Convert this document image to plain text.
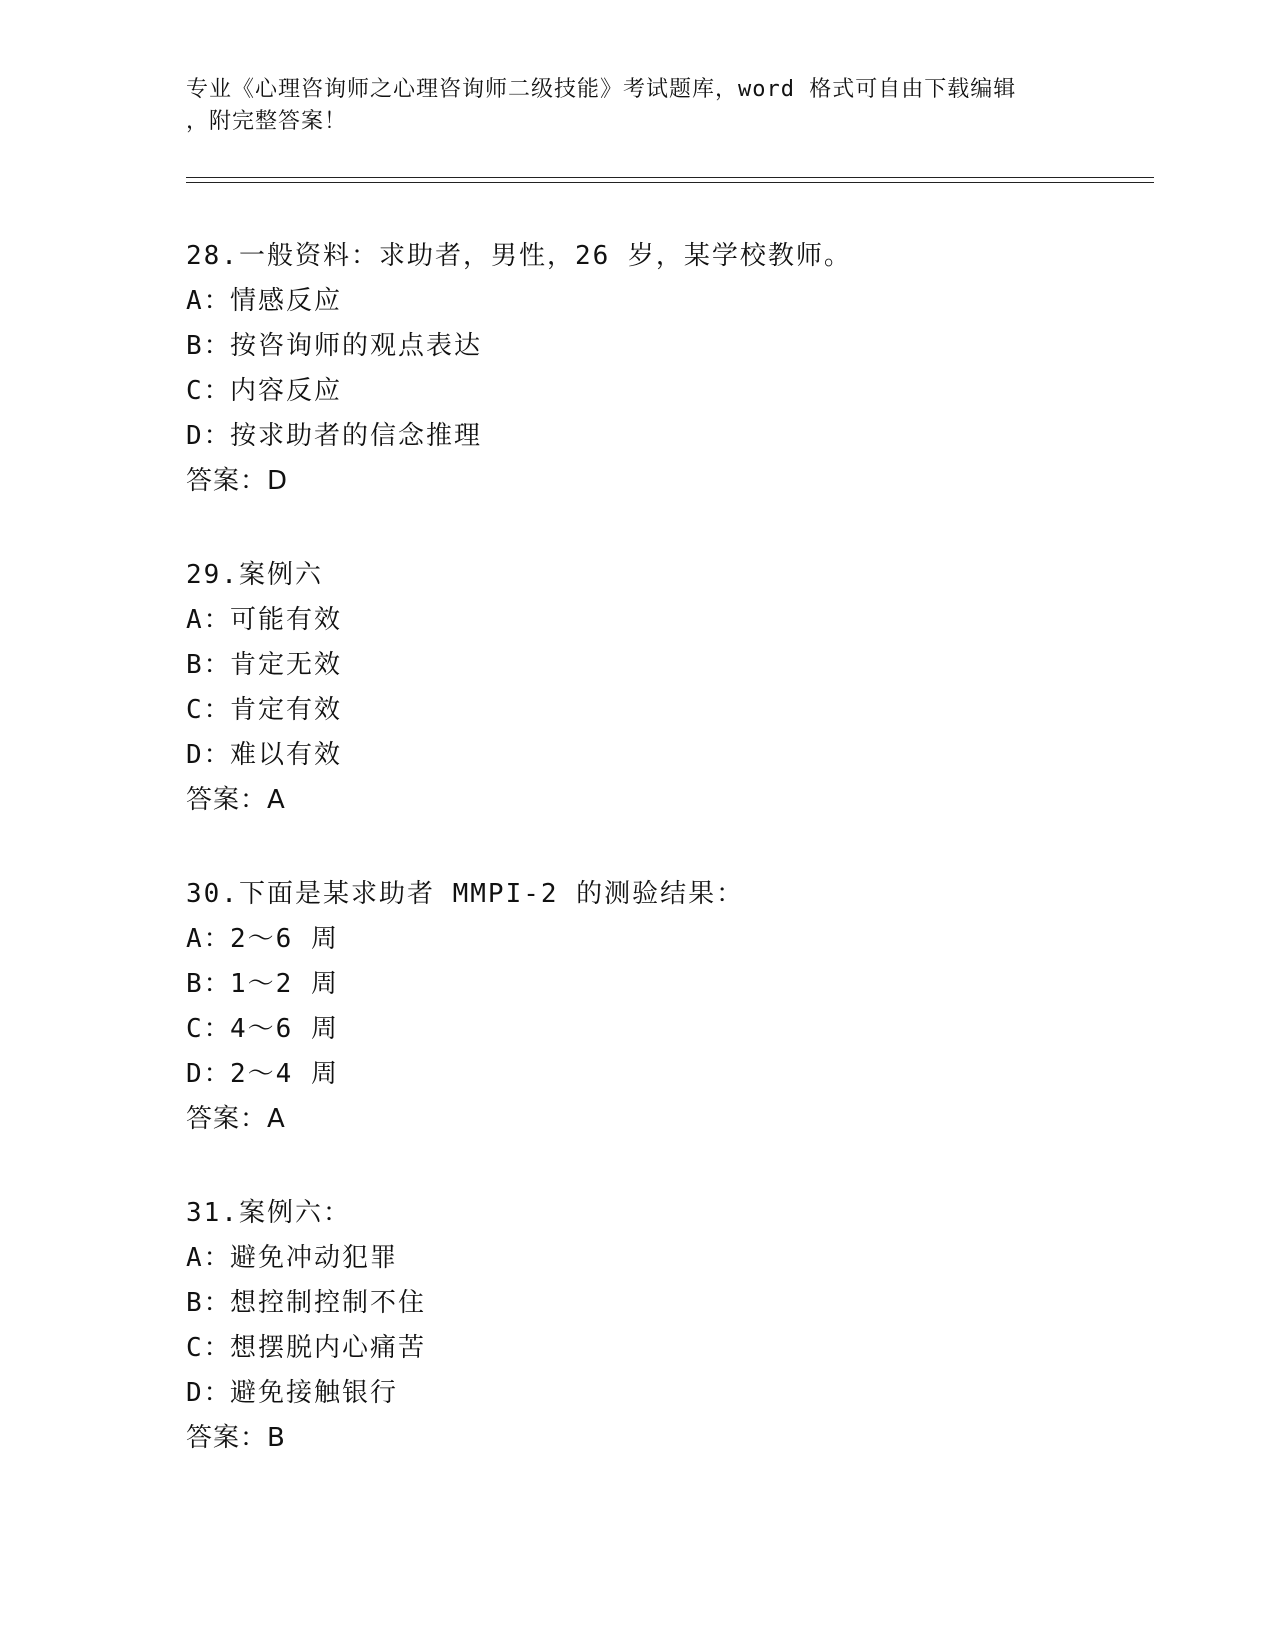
专业《心理咨询师之心理咨询师二级技能》考试题库，word 格式可自由下载编辑
，附完整答案！
28.一般资料：求助者，男性，26 岁，某学校教师。
A：情感反应
B：按咨询师的观点表达
C：内容反应
D：按求助者的信念推理
答案：D
29.案例六
A：可能有效
B：肯定无效
C：肯定有效
D：难以有效
答案：A
30.下面是某求助者 MMPI-2 的测验结果：
A：2～6 周
B：1～2 周
C：4～6 周
D：2～4 周
答案：A
31.案例六：
A：避免冲动犯罪
B：想控制控制不住
C：想摆脱内心痛苦
D：避免接触银行
答案：B
